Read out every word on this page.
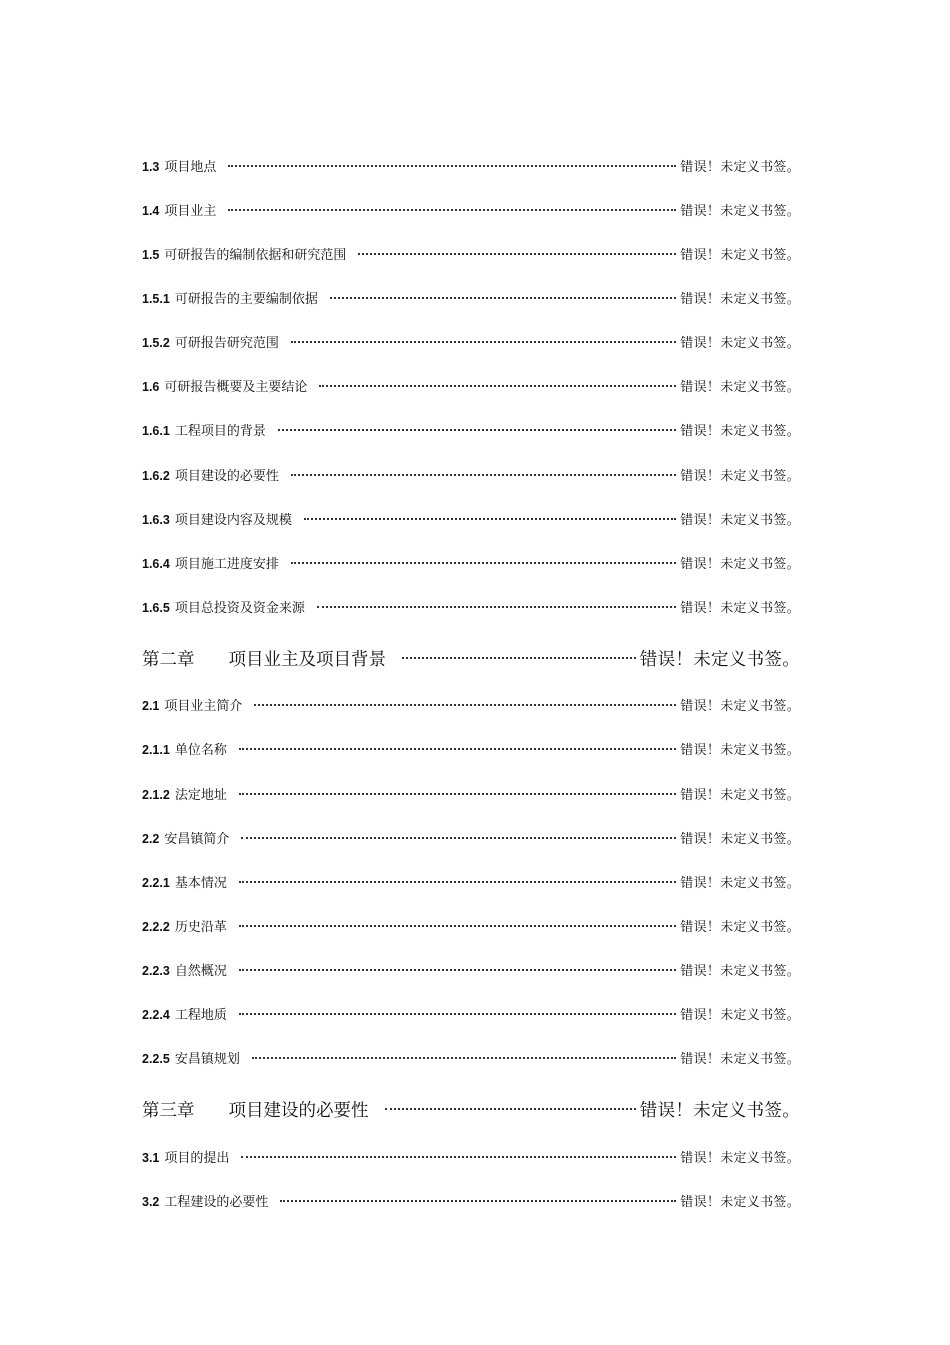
1.3 项目地点	错误！未定义书签。
1.4 项目业主	错误！未定义书签。
1.5 可研报告的编制依据和研究范围	错误！未定义书签。
1.5.1 可研报告的主要编制依据	错误！未定义书签。
1.5.2 可研报告研究范围	错误！未定义书签。
1.6 可研报告概要及主要结论	错误！未定义书签。
1.6.1 工程项目的背景	错误！未定义书签。
1.6.2 项目建设的必要性	错误！未定义书签。
1.6.3 项目建设内容及规模	错误！未定义书签。
1.6.4 项目施工进度安排	错误！未定义书签。
1.6.5 项目总投资及资金来源	错误！未定义书签。
第二章 项目业主及项目背景	错误！未定义书签。
2.1 项目业主简介	错误！未定义书签。
2.1.1 单位名称	错误！未定义书签。
2.1.2 法定地址	错误！未定义书签。
2.2 安昌镇简介	错误！未定义书签。
2.2.1 基本情况	错误！未定义书签。
2.2.2 历史沿革	错误！未定义书签。
2.2.3 自然概况	错误！未定义书签。
2.2.4 工程地质	错误！未定义书签。
2.2.5 安昌镇规划	错误！未定义书签。
第三章 项目建设的必要性	错误！未定义书签。
3.1 项目的提出	错误！未定义书签。
3.2 工程建设的必要性	错误！未定义书签。
